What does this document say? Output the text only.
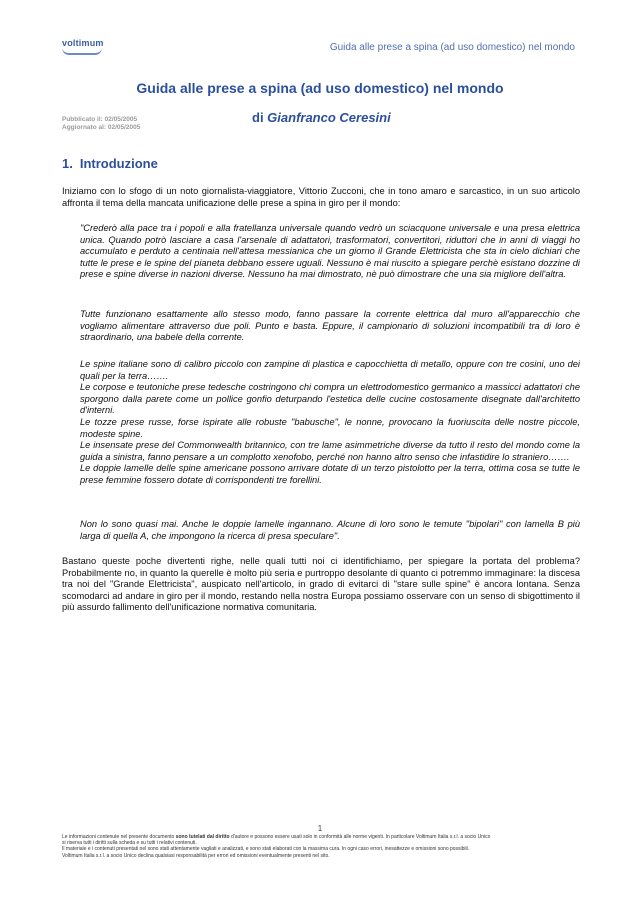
voltimum	Guida alle prese a spina (ad uso domestico) nel mondo
Guida alle prese a spina (ad uso domestico) nel mondo
Pubblicato il: 02/05/2005
Aggiornato al: 02/05/2005
di Gianfranco Ceresini
1. Introduzione
Iniziamo con lo sfogo di un noto giornalista-viaggiatore, Vittorio Zucconi, che in tono amaro e sarcastico, in un suo articolo affronta il tema della mancata unificazione delle prese a spina in giro per il mondo:
"Crederò alla pace tra i popoli e alla fratellanza universale quando vedrò un sciacquone universale e una presa elettrica unica. Quando potrò lasciare a casa l'arsenale di adattatori, trasformatori, convertitori, riduttori che in anni di viaggi ho accumulato e perduto a centinaia nell'attesa messianica che un giorno il Grande Elettricista che sta in cielo dichiari che tutte le prese e le spine del pianeta debbano essere uguali. Nessuno è mai riuscito a spiegare perchè esistano dozzine di prese e spine diverse in nazioni diverse. Nessuno ha mai dimostrato, nè può dimostrare che una sia migliore dell'altra.
Tutte funzionano esattamente allo stesso modo, fanno passare la corrente elettrica dal muro all'apparecchio che vogliamo alimentare attraverso due poli. Punto e basta. Eppure, il campionario di soluzioni incompatibili tra di loro è straordinario, una babele della corrente.

Le spine italiane sono di calibro piccolo con zampine di plastica e capocchietta di metallo, oppure con tre cosini, uno dei quali per la terra…….

Le corpose e teutoniche prese tedesche costringono chi compra un elettrodomestico germanico a massicci adattatori che sporgono dalla parete come un pollice gonfio deturpando l'estetica delle cucine costosamente disegnate dall'architetto d'interni.

Le tozze prese russe, forse ispirate alle robuste "babusche", le nonne, provocano la fuoriuscita delle nostre piccole, modeste spine.

Le insensate prese del Commonwealth britannico, con tre lame asimmetriche diverse da tutto il resto del mondo come la guida a sinistra, fanno pensare a un complotto xenofobo, perché non hanno altro senso che infastidire lo straniero…….

Le doppie lamelle delle spine americane possono arrivare dotate di un terzo pistolotto per la terra, ottima cosa se tutte le prese femmine fossero dotate di corrispondenti tre forellini.

Non lo sono quasi mai. Anche le doppie lamelle ingannano. Alcune di loro sono le temute "bipolari" con lamella B più larga di quella A, che impongono la ricerca di presa speculare".
Bastano queste poche divertenti righe, nelle quali tutti noi ci identifichiamo, per spiegare la portata del problema? Probabilmente no, in quanto la querelle è molto più seria e purtroppo desolante di quanto ci potremmo immaginare: la discesa tra noi del "Grande Elettricista", auspicato nell'articolo, in grado di evitarci di "stare sulle spine" è ancora lontana. Senza scomodarci ad andare in giro per il mondo, restando nella nostra Europa possiamo osservare con un senso di sbigottimento il più assurdo fallimento dell'unificazione normativa comunitaria.
1
Le informazioni contenute nel presente documento sono tutelati dal diritto d'autore e possono essere usati solo in conformità alle norme vigenti. In particolare Voltimum Italia s.r.l. a socio Unico
si riserva tutti i diritti sulla scheda e su tutti i relativi contenuti.
Il materiale e i contenuti presentati nel sono stati attentamente vagliati e analizzati, e sono stati elaborati con la massima cura. In ogni caso errori, inesattezze e omissioni sono possibili.
Voltimum Italia s.r.l. a socio Unico declina qualsiasi responsabilità per errori ed omissioni eventualmente presenti nel sito.
